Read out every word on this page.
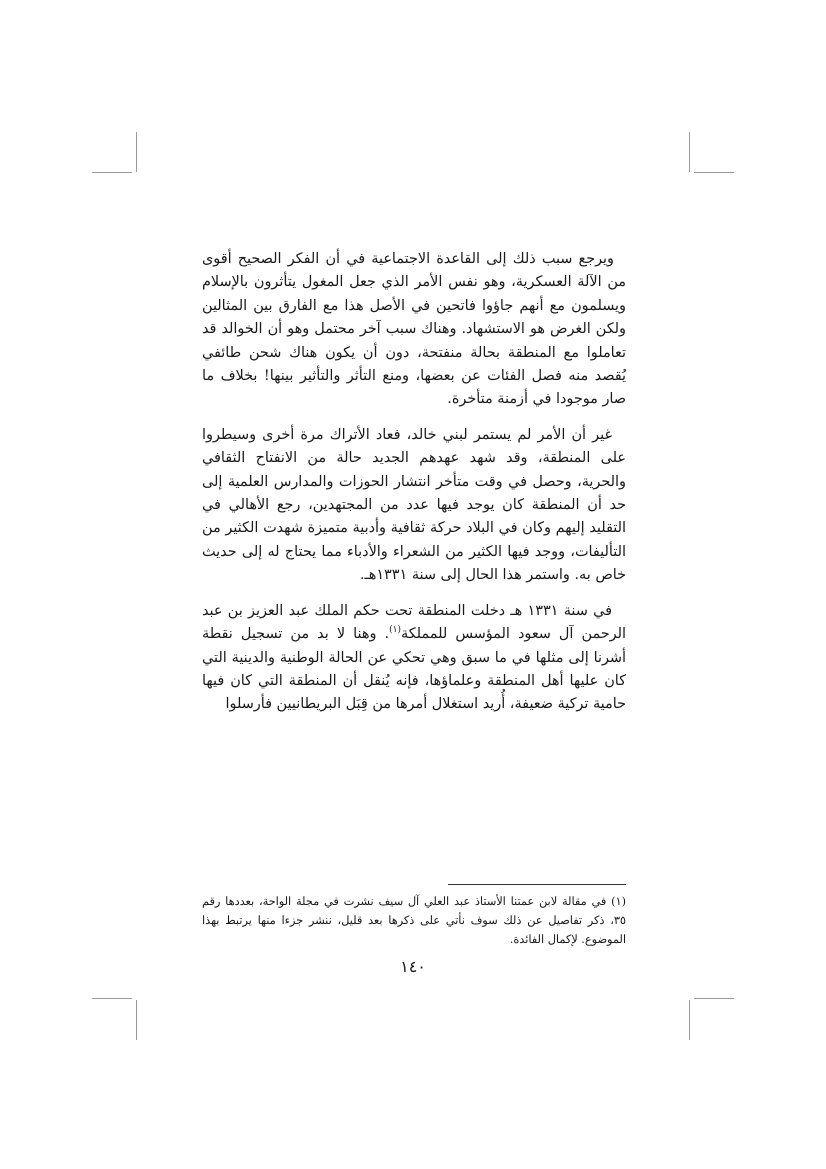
ويرجع سبب ذلك إلى القاعدة الاجتماعية في أن الفكر الصحيح أقوى من الآلة العسكرية، وهو نفس الأمر الذي جعل المغول يتأثرون بالإسلام ويسلمون مع أنهم جاؤوا فاتحين في الأصل هذا مع الفارق بين المثالين ولكن الغرض هو الاستشهاد. وهناك سبب آخر محتمل وهو أن الخوالد قد تعاملوا مع المنطقة بحالة منفتحة، دون أن يكون هناك شحن طائفي يُقصد منه فصل الفئات عن بعضها، ومنع التأثر والتأثير بينها! بخلاف ما صار موجودا في أزمنة متأخرة.

غير أن الأمر لم يستمر لبني خالد، فعاد الأتراك مرة أخرى وسيطروا على المنطقة، وقد شهد عهدهم الجديد حالة من الانفتاح الثقافي والحرية، وحصل في وقت متأخر انتشار الحوزات والمدارس العلمية إلى حد أن المنطقة كان يوجد فيها عدد من المجتهدين، رجع الأهالي في التقليد إليهم وكان في البلاد حركة ثقافية وأدبية متميزة شهدت الكثير من التأليفات، ووجد فيها الكثير من الشعراء والأدباء مما يحتاج له إلى حديث خاص به. واستمر هذا الحال إلى سنة ١٣٣١هـ.

في سنة ١٣٣١ هـ دخلت المنطقة تحت حكم الملك عبد العزيز بن عبد الرحمن آل سعود المؤسس للمملكة$^{(١)}$. وهنا لا بد من تسجيل نقطة أشرنا إلى مثلها في ما سبق وهي تحكي عن الحالة الوطنية والدينية التي كان عليها أهل المنطقة وعلماؤها، فإنه يُنقل أن المنطقة التي كان فيها حامية تركية ضعيفة، أُريد استغلال أمرها من قِبَل البريطانيين فأرسلوا

(١) في مقالة لابن عمتنا الأستاذ عبد العلي آل سيف نشرت في مجلة الواحة، بعددها رقم ٣٥، ذكر تفاصيل عن ذلك سوف نأتي على ذكرها بعد قليل، ننشر جزءا منها يرتبط بهذا الموضوع. لإكمال الفائدة.

١٤٠
